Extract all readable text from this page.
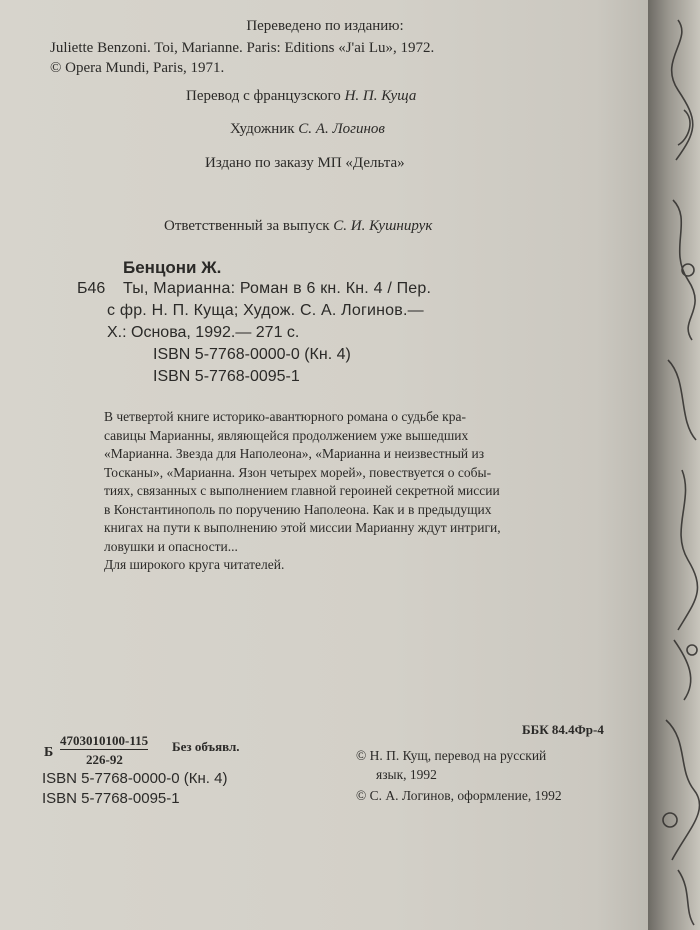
Переведено по изданию:
Juliette Benzoni. Toi, Marianne. Paris: Editions «J'ai Lu», 1972.
© Opera Mundi, Paris, 1971.
Перевод с французского Н. П. Куща
Художник С. А. Логинов
Издано по заказу МП «Дельта»
Ответственный за выпуск С. И. Кушнирук
Бенцони Ж.
Б46 Ты, Марианна: Роман в 6 кн. Кн. 4 / Пер.
с фр. Н. П. Куща; Худож. С. А. Логинов.—
Х.: Основа, 1992.— 271 с.
ISBN 5-7768-0000-0 (Кн. 4)
ISBN 5-7768-0095-1
В четвертой книге историко-авантюрного романа о судьбе кра-
савицы Марианны, являющейся продолжением уже вышедших
«Марианна. Звезда для Наполеона», «Марианна и неизвестный из
Тосканы», «Марианна. Язон четырех морей», повествуется о собы-
тиях, связанных с выполнением главной героиней секретной миссии
в Константинополь по поручению Наполеона. Как и в предыдущих
книгах на пути к выполнению этой миссии Марианну ждут интриги,
ловушки и опасности...
Для широкого круга читателей.
Б
4703010100-115
226-92
Без объявл.
ISBN 5-7768-0000-0 (Кн. 4)
ISBN 5-7768-0095-1
ББК 84.4Фр-4
© Н. П. Кущ, перевод на русский
язык, 1992
© С. А. Логинов, оформление, 1992
